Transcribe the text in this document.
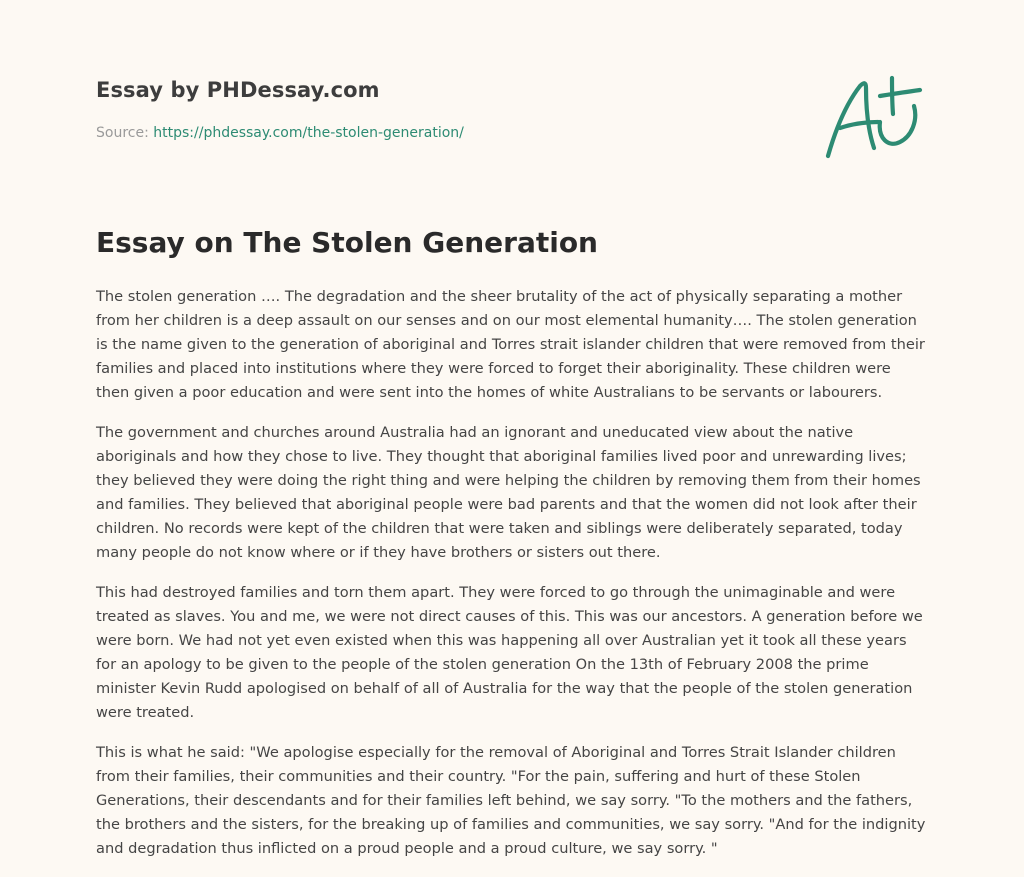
Essay by PHDessay.com
Source: https://phdessay.com/the-stolen-generation/
Essay on The Stolen Generation

The stolen generation …. The degradation and the sheer brutality of the act of physically separating a mother from her children is a deep assault on our senses and on our most elemental humanity…. The stolen generation is the name given to the generation of aboriginal and Torres strait islander children that were removed from their families and placed into institutions where they were forced to forget their aboriginality. These children were then given a poor education and were sent into the homes of white Australians to be servants or labourers.

The government and churches around Australia had an ignorant and uneducated view about the native aboriginals and how they chose to live. They thought that aboriginal families lived poor and unrewarding lives; they believed they were doing the right thing and were helping the children by removing them from their homes and families. They believed that aboriginal people were bad parents and that the women did not look after their children. No records were kept of the children that were taken and siblings were deliberately separated, today many people do not know where or if they have brothers or sisters out there.

This had destroyed families and torn them apart. They were forced to go through the unimaginable and were treated as slaves. You and me, we were not direct causes of this. This was our ancestors. A generation before we were born. We had not yet even existed when this was happening all over Australian yet it took all these years for an apology to be given to the people of the stolen generation On the 13th of February 2008 the prime minister Kevin Rudd apologised on behalf of all of Australia for the way that the people of the stolen generation were treated.

This is what he said: "We apologise especially for the removal of Aboriginal and Torres Strait Islander children from their families, their communities and their country. "For the pain, suffering and hurt of these Stolen Generations, their descendants and for their families left behind, we say sorry. "To the mothers and the fathers, the brothers and the sisters, for the breaking up of families and communities, we say sorry. "And for the indignity and degradation thus inflicted on a proud people and a proud culture, we say sorry. "
